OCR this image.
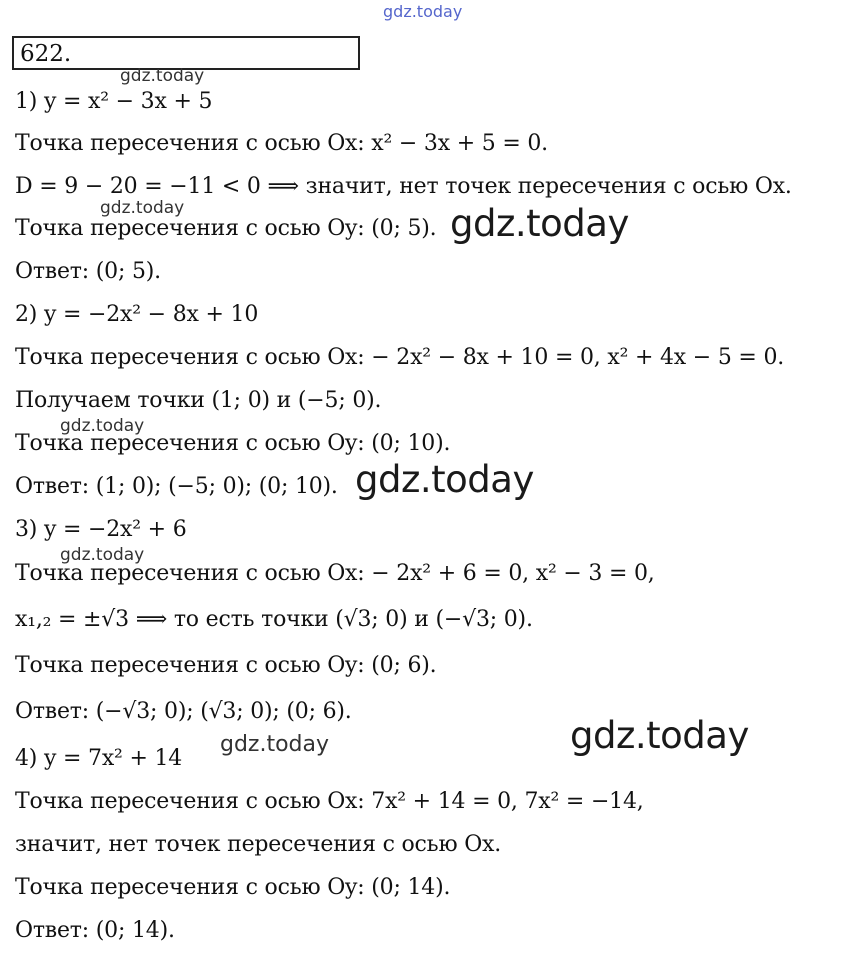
622.
1) y = x² − 3x + 5
Точка пересечения с осью Ox: x² − 3x + 5 = 0.
D = 9 − 20 = −11 < 0 ⟹ значит, нет точек пересечения с осью Ox.
Точка пересечения с осью Oy: (0; 5).
Ответ: (0; 5).
2) y = −2x² − 8x + 10
Точка пересечения с осью Ox: − 2x² − 8x + 10 = 0, x² + 4x − 5 = 0.
Получаем точки (1; 0) и (−5; 0).
Точка пересечения с осью Oy: (0; 10).
Ответ: (1; 0); (−5; 0); (0; 10).
3) y = −2x² + 6
Точка пересечения с осью Ox: − 2x² + 6 = 0, x² − 3 = 0,
x₁,₂ = ±√3 ⟹ то есть точки (√3; 0) и (−√3; 0).
Точка пересечения с осью Oy: (0; 6).
Ответ: (−√3; 0); (√3; 0); (0; 6).
4) y = 7x² + 14
Точка пересечения с осью Ox: 7x² + 14 = 0, 7x² = −14,
значит, нет точек пересечения с осью Ox.
Точка пересечения с осью Oy: (0; 14).
Ответ: (0; 14).
gdz.today
gdz.today
gdz.today	gdz.today
gdz.today
gdz.today
gdz.today
gdz.today
gdz.today
